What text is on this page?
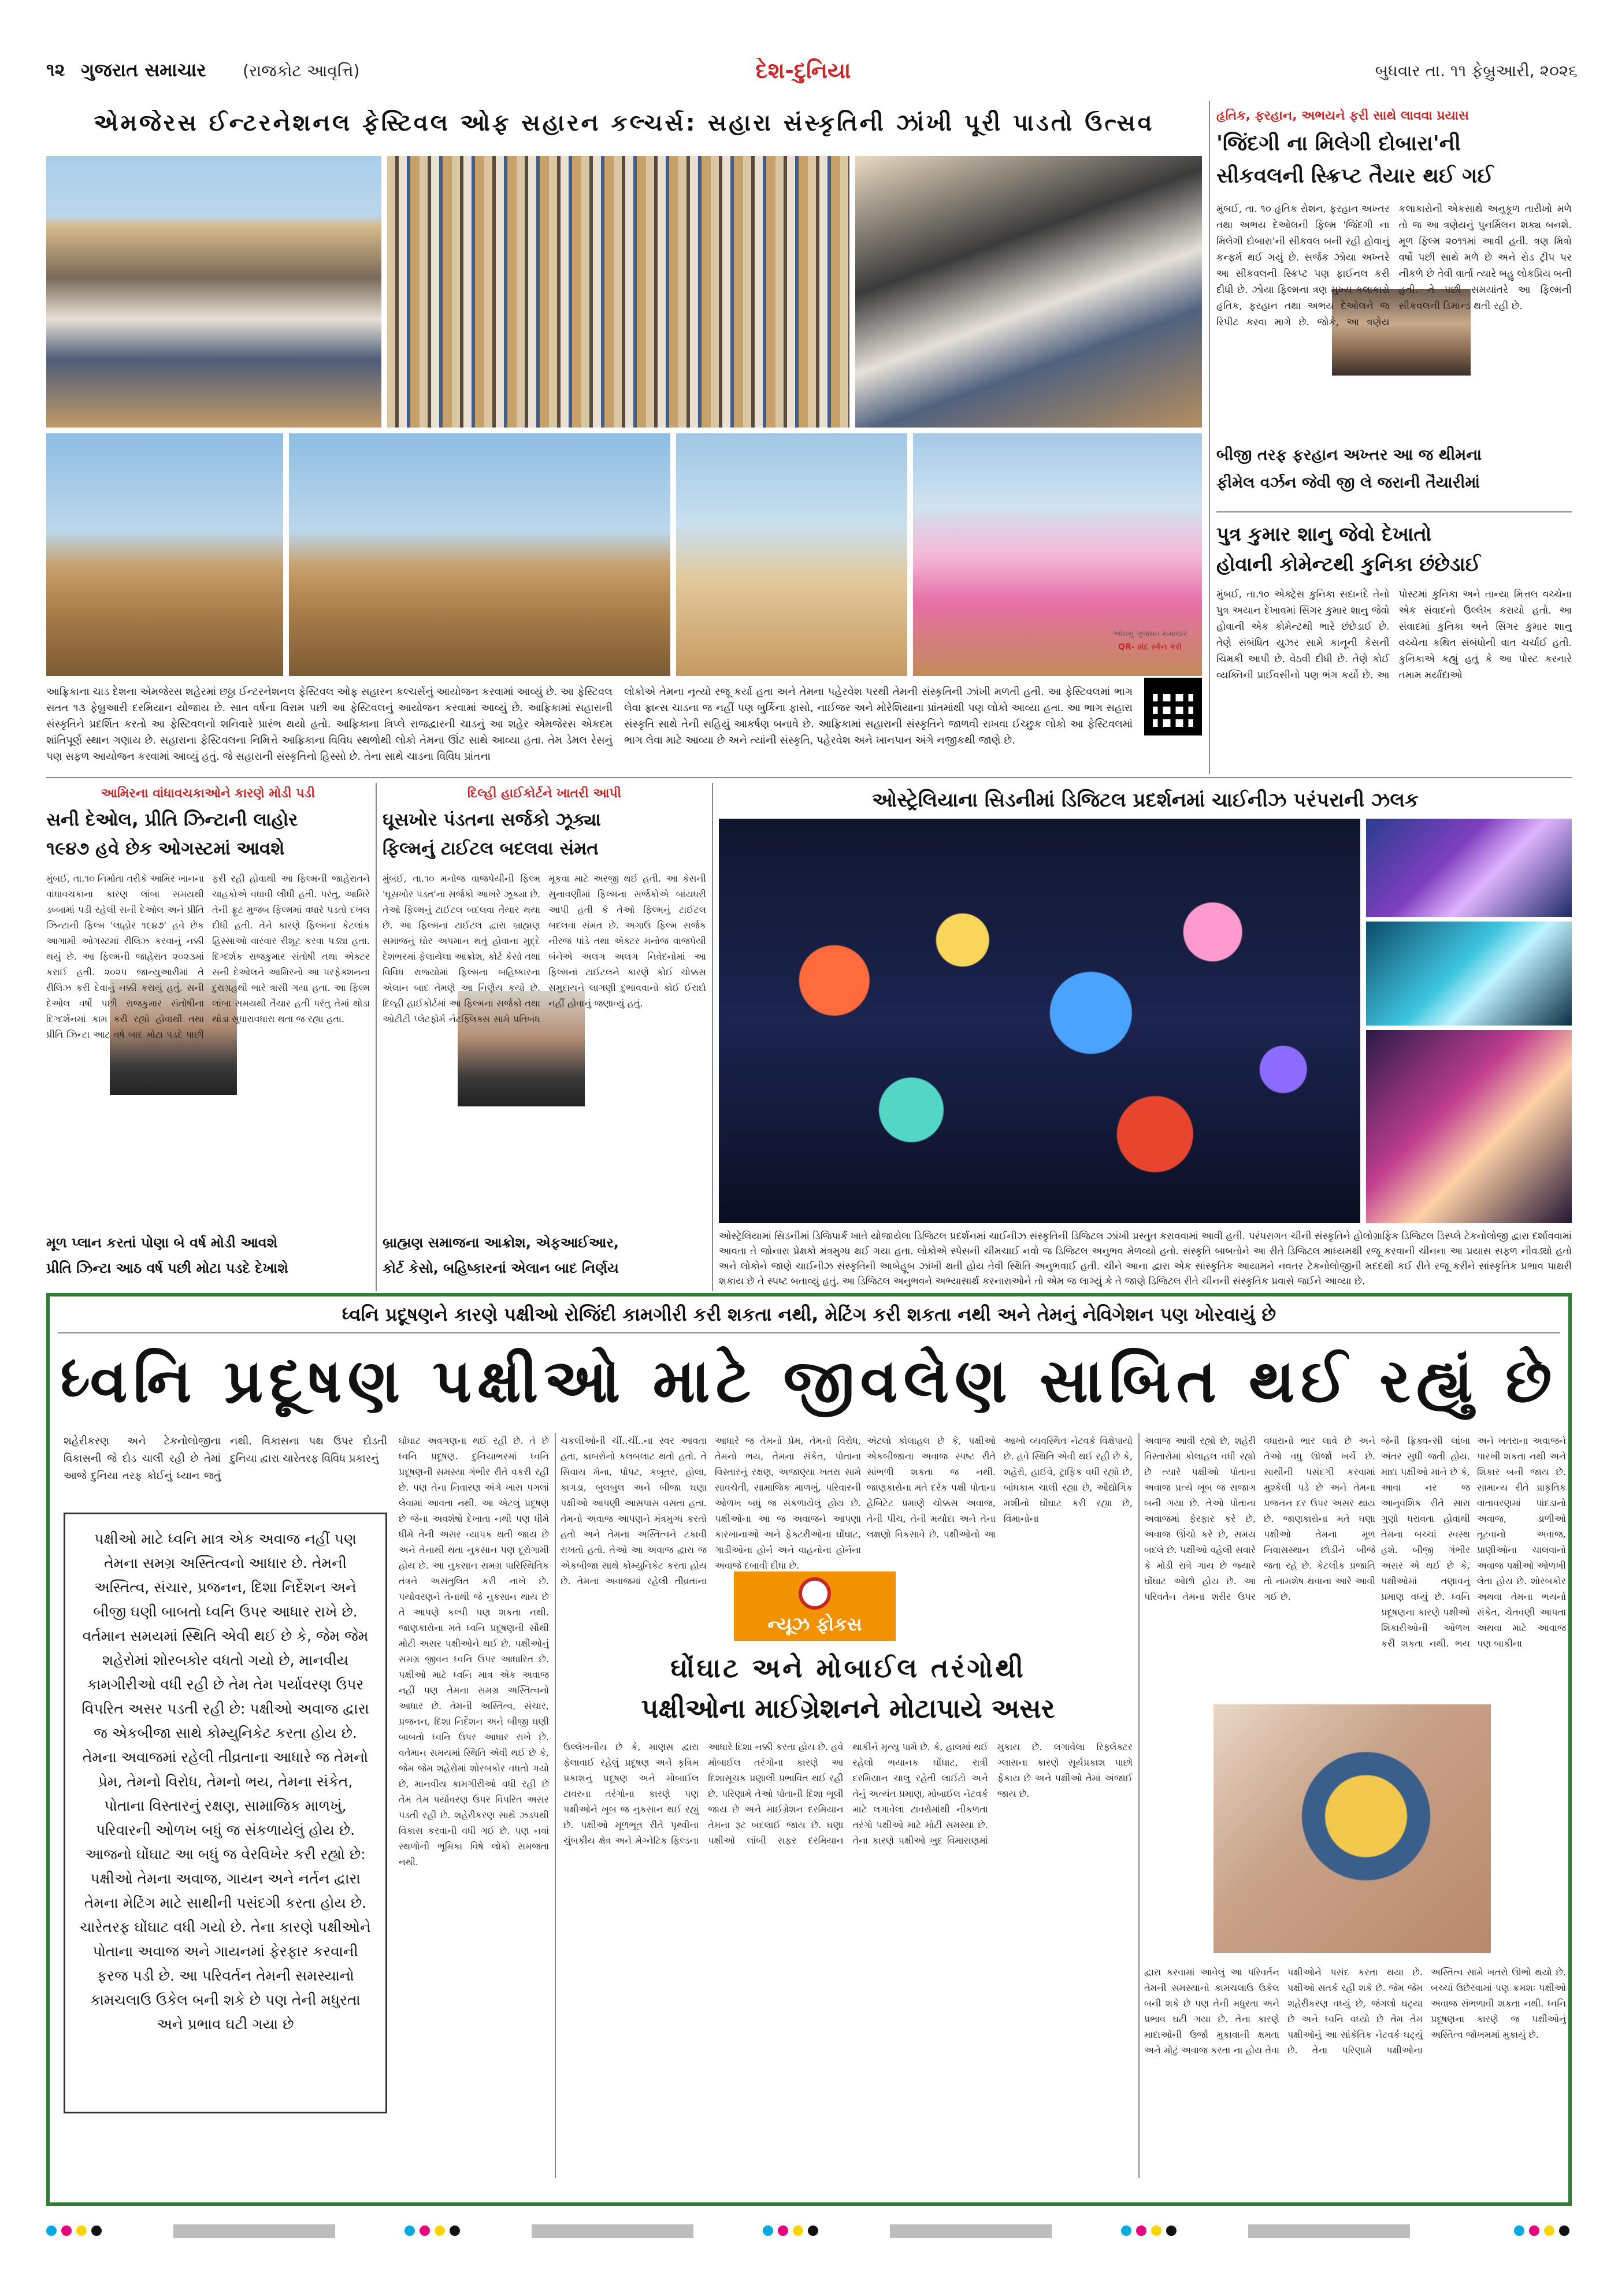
૧૨ ગુજરાત સમાચાર (રાજકોટ આવૃત્તિ)	દેશ-દુનિયા	બુધવાર તા. ૧૧ ફેબ્રુઆરી, ૨૦૨૬
એમજેરસ ઈન્ટરનેશનલ ફેસ્ટિવલ ઓફ સહારન કલ્ચર્સ: સહારા સંસ્કૃતિની ઝાંખી પૂરી પાડતો ઉત્સવ
આફ્રિકાના ચાડ દેશના એમજેરસ શહેરમાં છઠ્ઠા ઈન્ટરનેશનલ ફેસ્ટિવલ ઓફ સહારન કલ્ચર્સનું આયોજન કરવામાં આવ્યું છે. આ ફેસ્ટિવલ સતત ૧૩ ફેબ્રુઆરી દરમિયાન યોજાય છે. સાત વર્ષના વિરામ પછી આ ફેસ્ટિવલનું આયોજન કરવામાં આવ્યું છે. આફ્રિકામાં સહારાની સંસ્કૃતિને પ્રદર્શિત કરતો આ ફેસ્ટિવલનો શનિવારે પ્રારંભ થયો હતો. આફ્રિકાના ત્રિપ્લે રાજદ્વારની ચાડનું આ શહેર એમજેરસ એકદમ શાંતિપૂર્ણ સ્થાન ગણાય છે. સહારાના ફેસ્ટિવલના નિમિત્તે આફ્રિકાના વિવિધ સ્થળોથી લોકો તેમના ઊંટ સાથે આવ્યા હતા. તેમ ડેમલ રેસનું પણ સફળ આયોજન કરવામાં આવ્યું હતું. જે સહારાની સંસ્કૃતિનો હિસ્સો છે. તેના સાથે ચાડના વિવિધ પ્રાંતના
લોકોએ તેમના નૃત્યો રજૂ કર્યા હતા અને તેમના પહેરવેશ પરથી તેમની સંસ્કૃતિની ઝાંખી મળતી હતી. આ ફેસ્ટિવલમાં ભાગ લેવા ફ્રાન્સ ચાડના જ નહીં પણ બુર્કિના ફાસો, નાઈજર અને મોરેશિયાના પ્રાંતમાંથી પણ લોકો આવ્યા હતા. આ ભાગ સહારા સંસ્કૃતિ સાથે તેની સહિયું આકર્ષણ બનાવે છે. આફ્રિકામાં સહારાની સંસ્કૃતિને જાળવી રાખવા ઈચ્છુક લોકો આ ફેસ્ટિવલમાં ભાગ લેવા માટે આવ્યા છે અને ત્યાંની સંસ્કૃતિ, પહેરવેશ અને ખાનપાન અંગે નજીકથી જાણે છે.
હૃતિક, ફરહાન, અભયને ફરી સાથે લાવવા પ્રયાસ
'જિંદગી ના મિલેગી દોબારા'ની
સીકવલની સ્ક્રિપ્ટ તૈયાર થઈ ગઈ
મુંબઈ, તા. ૧૦ હૃતિક રોશન, ફરહાન અખ્તર તથા અભય દેઓલની ફિલ્મ 'જિંદગી ના મિલેગી દોબારા'ની સીકવલ બની રહી હોવાનું કન્ફર્મ થઈ ગયું છે. સર્જક ઝોયા અખ્તરે આ સીકવલની સ્ક્રિપ્ટ પણ ફાઈનલ કરી દીધી છે. ઝોયા ફિલ્મના ત્રણ મુખ્ય કલાકારો હૃતિક, ફરહાન તથા અભય દેઓલને જ રિપીટ કરવા માગે છે. જોકે, આ ત્રણેય કલાકારોની એકસાથે અનુકૂળ તારીખો મળે તો જ આ ત્રણેયનું પુનર્મિલન શક્ય બનશે. મૂળ ફિલ્મ ૨૦૧૧માં આવી હતી. ત્રણ મિત્રો વર્ષો પછી સાથે મળે છે અને રોડ ટ્રીપ પર નીકળે છે તેવી વાર્તા ત્યારે બહુ લોકપ્રિય બની હતી. તે પછી સમયાંતરે આ ફિલ્મની સીકવલની ડિમાન્ડ થતી રહી છે.
બીજી તરફ ફરહાન અખ્તર આ જ થીમના
ફીમેલ વર્ઝન જેવી જી લે જરાની તૈયારીમાં
પુત્ર કુમાર શાનુ જેવો દેખાતો
હોવાની કોમેન્ટથી કુનિકા છંછેડાઈ
મુંબઈ, તા.૧૦ એક્ટ્રેસ કુનિકા સદાનંદે તેનો પુત્ર અયાન દેખાવમાં સિંગર કુમાર શાનુ જેવો હોવાની એક કોમેન્ટથી ભારે છંછેડાઈ છે. તેણે સંબંધિત યુઝર સામે કાનૂની કેસની ચિમકી આપી છે. વેઠવી દીધી છે. તેણે કોઈ વ્યક્તિની પ્રાઈવસીનો પણ ભંગ કર્યો છે. આ પોસ્ટમાં કુનિકા અને તાન્યા મિત્તલ વચ્ચેના એક સંવાદનો ઉલ્લેખ કરાયો હતો. આ સંવાદમાં કુનિકા અને સિંગર કુમાર શાનુ વચ્ચેના કથિત સંબંધોની વાત ચર્ચાઈ હતી. કુનિકાએ કહ્યું હતું કે આ પોસ્ટ કરનારે તમામ મર્યાદાઓ
ઓલસુ ગુજરાત સમાચાર
QR- સંદ સ્કેન કરો
આમિરના વાંધાવચકાઓને કારણે મોડી પડી
સની દેઓલ, પ્રીતિ ઝિન્ટાની લાહોર
૧૯૪૭ હવે છેક ઓગસ્ટમાં આવશે
મુંબઈ, તા.૧૦ નિર્માતા તરીકે આમિર ખાનના વાંધાવચકાના કારણ લાંબા સમયથી ડબ્બામાં પડી રહેલી સની દેઓલ અને પ્રીતિ ઝિન્ટાની ફિલ્મ 'લાહોર ૧૯૪૭' હવે છેક આગામી ઓગસ્ટમાં રીલિઝ કરવાનું નક્કી થયું છે. આ ફિલ્મની જાહેરાત ૨૦૨૩માં કરાઈ હતી. ૨૦૨૫ જાન્યુઆરીમાં તે રીલિઝ કરી દેવાનું નક્કી કરાયું હતું. સની દેઓલ વર્ષો પછી રાજકુમાર સંતોષીના દિગ્દર્શનમાં કામ કરી રહ્યો હોવાથી તથા પ્રીતિ ઝિન્ટા આટ વર્ષ બાદ મોટા પડદે પાછી ફરી રહી હોવાથી આ ફિલ્મની જાહેરાતને ચાહકોએ વધાવી લીધી હતી. પરંતુ, આમિરે તેની ફ્રૂટ મુજબ ફિલ્મમાં વધારે પડતો દખલ દીધી હતી. તેને કારણે ફિલ્મના કેટલાંક હિસ્સાઓ વારંવાર રીશૂટ કરવા પડ્યા હતા. દિગ્દર્શક રાજકુમાર સંતોષી તથા એક્ટર સની દેઓલને આમિરનો આ પરફેક્શનના દુરાગ્રહથી ભારે ત્રાસી ગયા હતા. આ ફિલ્મ લાંબા સમયથી તૈયાર હતી પરંતુ તેમાં થોડા થોડા સુધારાવધારા થતા જ રહ્યા હતા.
મૂળ પ્લાન કરતાં પોણા બે વર્ષ મોડી આવશે
પ્રીતિ ઝિન્ટા આઠ વર્ષ પછી મોટા પડદે દેખાશે
દિલ્હી હાઈકોર્ટને ખાતરી આપી
ઘૂસખોર પંડતના સર્જકો ઝૂક્યા
ફિલ્મનું ટાઈટલ બદલવા સંમત
મુંબઈ, તા.૧૦ મનોજ વાજપેયીની ફિલ્મ 'ઘૂસખોર પંડત'ના સર્જકો આખરે ઝૂક્યા છે. તેઓ ફિલ્મનું ટાઈટલ બદલવા તૈયાર થયા છે. આ ફિલ્મના ટાઈટલ દ્વારા બ્રાહ્મણ સમાજનું ઘોર અપમાન થતું હોવાના મુદ્દે દેશભરમાં ફેલાયેલા આક્રોશ, કોર્ટ કેસો તથા વિવિધ રાજ્યોમાં ફિલ્મના બહિષ્કારના એલાન બાદ તેમણે આ નિર્ણય કર્યો છે. દિલ્હી હાઈકોર્ટમાં આ ફિલ્મના સર્જકો તથા ઓટીટી પ્લેટફોર્મ નેટફ્લિક્સ સામે પ્રતિબંધ મૂકવા માટે અરજી થઈ હતી. આ કેસની સુનાવણીમાં ફિલ્મના સર્જકોએ બાંયધરી આપી હતી કે તેઓ ફિલ્મનું ટાઈટલ બદલવા સંમત છે. અગાઉ ફિલ્મ સર્જક નીરજ પાંડે તથા એક્ટર મનોજ વાજપેયી બંનેએ અલગ અલગ નિવેદનોમાં આ ફિલ્મનાં ટાઈટલને કારણે કોઈ ચોક્કસ સમુદાયને લાગણી દુભાવવાનો કોઈ ઈરાદો નહીં હોવાનું જણાવ્યું હતું.
બ્રાહ્મણ સમાજના આક્રોશ, એફઆઈઆર,
કોર્ટ કેસો, બહિષ્કારનાં એલાન બાદ નિર્ણય
ઓસ્ટ્રેલિયાના સિડનીમાં ડિજિટલ પ્રદર્શનમાં ચાઈનીઝ પરંપરાની ઝલક
ઓસ્ટ્રેલિયામાં સિડનીમાં ડિજિપાર્ક ખાતે યોજાયેલા ડિજિટલ પ્રદર્શનમાં ચાઈનીઝ સંસ્કૃતિની ડિજિટલ ઝાંખી પ્રસ્તુત કરાવવામાં આવી હતી. પરંપરાગત ચીની સંસ્કૃતિને હોલોગ્રાફિક ડિજિટલ ડિસ્પ્લે ટેકનોલોજી દ્વારા દર્શાવવામાં આવતા તે જોનારા પ્રેક્ષકો મંત્રમુગ્ધ થઈ ગયા હતા. લોકોએ સ્પેસની ચીમચાઈ નવો જ ડિજિટલ અનુભવ મેળવ્યો હતો. સંસ્કૃતિ બાબતોને આ રીતે ડિજિટલ માધ્યમથી રજૂ કરવાની ચીનના આ પ્રયાસ સફળ નીવડ્યો હતો અને લોકોને જાણે ચાઈનીઝ સંસ્કૃતિની આબેહૂબ ઝાંખી થતી હોય તેવી સ્થિતિ અનુભવાઈ હતી. ચીને આના દ્વારા એક સાંસ્કૃતિક આયામને નવતર ટેકનોલોજીની મદદથી કઈ રીતે રજૂ કરીને સાંસ્કૃતિક પ્રભાવ પાથરી શકાય છે તે સ્પષ્ટ બતાવ્યું હતું. આ ડિજિટલ અનુભવને અભ્યાસાર્થ કરનારાઓને તો એમ જ લાગ્યું કે તે જાણે ડિજિટલ રીતે ચીનની સંસ્કૃતિક પ્રવાસે જઈને આવ્યા છે.
ધ્વનિ પ્રદૂષણને કારણે પક્ષીઓ રોજિંદી કામગીરી કરી શકતા નથી, મેટિંગ કરી શકતા નથી અને તેમનું નેવિગેશન પણ ખોરવાયું છે
ધ્વનિ પ્રદૂષણ પક્ષીઓ માટે જીવલેણ સાબિત થઈ રહ્યું છે
શહેરીકરણ અને ટેકનોલોજીના વિકાસની જે દોડ ચાલી રહી છે તેમાં આજે દુનિયા તરફ કોઈનું ધ્યાન જતું નથી. વિકાસના પથ ઉપર દોડતી દુનિયા દ્વારા ચારેતરફ વિવિધ પ્રકારનું
પક્ષીઓ માટે ધ્વનિ માત્ર એક અવાજ નહીં પણ તેમના સમગ્ર અસ્તિત્વનો આધાર છે. તેમની અસ્તિત્વ, સંચાર, પ્રજનન, દિશા નિર્દેશન અને બીજી ઘણી બાબતો ધ્વનિ ઉપર આધાર રાખે છે. વર્તમાન સમયમાં સ્થિતિ એવી થઈ છે કે, જેમ જેમ શહેરોમાં શોરબકોર વધતો ગયો છે, માનવીય કામગીરીઓ વધી રહી છે તેમ તેમ પર્યાવરણ ઉપર વિપરિત અસર પડતી રહી છે: પક્ષીઓ અવાજ દ્વારા જ એકબીજા સાથે કોમ્યુનિકેટ કરતા હોય છે. તેમના અવાજમાં રહેલી તીવ્રતાના આધારે જ તેમનો પ્રેમ, તેમનો વિરોધ, તેમનો ભય, તેમના સંકેત, પોતાના વિસ્તારનું રક્ષણ, સામાજિક માળખું, પરિવારની ઓળખ બધું જ સંકળાયેલું હોય છે. આજનો ઘોંઘાટ આ બધું જ વેરવિખેર કરી રહ્યો છે: પક્ષીઓ તેમના અવાજ, ગાયન અને નર્તન દ્વારા તેમના મેટિંગ માટે સાથીની પસંદગી કરતા હોય છે. ચારેતરફ ઘોંઘાટ વધી ગયો છે. તેના કારણે પક્ષીઓને પોતાના અવાજ અને ગાયનમાં ફેરફાર કરવાની ફરજ પડી છે. આ પરિવર્તન તેમની સમસ્યાનો કામચલાઉ ઉકેલ બની શકે છે પણ તેની મધુરતા અને પ્રભાવ ઘટી ગયા છે
ઘોંઘાટ અવગણના થઈ રહી છે. તે છે ધ્વનિ પ્રદૂષણ. દુનિયાભરમાં ધ્વનિ પ્રદૂષણની સમસ્યા ગંભીર રીતે વકરી રહી છે. પણ તેના નિવારણ અંગે ખાસ પગલાં લેવામાં આવતા નથી. આ એટલું પ્રદૂષણ છે જેના અવશેષો દેખાતા નથી પણ ધીમે ધીમે તેની અસર વ્યાપક થતી જાય છે અને તેનાથી થતા નુકસાન પણ દૂરોગામી હોય છે. આ નુકસાન સમગ્ર પારિસ્થિતિક તંત્રને અસંતુલિત કરી નાખે છે. પર્યાવરણને તેનાથી જે નુકસાન થાય છે તે આપણે કલ્પી પણ શકતા નથી. જાણકારોના મતે ધ્વનિ પ્રદૂષણની સૌથી મોટી અસર પક્ષીઓને થઈ છે. પક્ષીઓનું સમગ્ર જીવન ધ્વનિ ઉપર આધારિત છે. પક્ષીઓ માટે ધ્વનિ માત્ર એક અવાજ નહીં પણ તેમના સમગ્ર અસ્તિત્વનો આધાર છે. તેમની અસ્તિત્વ, સંચાર, પ્રજનન, દિશા નિર્દેશન અને બીજી ઘણી બાબતો ધ્વનિ ઉપર આધાર રાખે છે. વર્તમાન સમયમાં સ્થિતિ એવી થઈ છે કે, જેમ જેમ શહેરોમાં શોરબકોર વધતો ગયો છે, માનવીય કામગીરીઓ વધી રહી છે તેમ તેમ પર્યાવરણ ઉપર વિપરિત અસર પડતી રહી છે. શહેરીકરણ સાથે ઝડપથી વિકાસ કરવાની વધી ગઈ છે. પણ નવાં સ્થળોની ભૂમિકા વિષે લોકો સમજતા નથી.
ચકલીઓની ચીં..ચીં..ના સ્વર આવતા હતા, કાબરોનો કલબલાટ થતો હતો. તે સિવાય મેના, પોપટ, કબૂતર, હોલા, કાગડા, બુલબુલ અને બીજા ઘણા પક્ષીઓ આપણી આસપાસ વસતા હતા. તેમનો અવાજ આપણને મંત્રમુગ્ધ કરતો હતો અને તેમના અસ્તિત્વને ટકાવી રાખતો હતો. તેઓ આ અવાજ દ્વારા જ એકબીજા સાથે કોમ્યુનિકેટ કરતા હોય છે. તેમના અવાજમાં રહેલી તીવ્રતાના આધારે જ તેમનો પ્રેમ, તેમનો વિરોધ, તેમનો ભય, તેમના સંકેત, પોતાના વિસ્તારનું રક્ષણ, અજાણ્યા ખતરા સામે સાવચેતી, સામાજિક માળખું, પરિવારની ઓળખ બધું જ સંકળાયેલું હોય છે. પક્ષીઓના આ જ અવાજને આપણા કારખાનાઓ અને ફેક્ટરીઓના ઘોંઘાટ, ગાડીઓના હોર્ન અને વાહનોના હોર્નના અવાજે દબાવી દીધા છે.
એટલો કોલાહલ છે કે, પક્ષીઓ એકબીજાના અવાજ સ્પષ્ટ રીતે સાંભળી શકતા જ નથી. જાણકારોના મતે દરેક પક્ષી પોતાના હેબિટેટ પ્રમાણે ચોક્કસ અવાજ, તેની પીચ, તેની મર્યાદા અને તેના લક્ષણો વિકસાવે છે. પક્ષીઓનો આ આખો વ્યવસ્થિત નેટવર્ક વિક્ષેપાયો છે. હવે સ્થિતિ એવી થઈ રહી છે કે, શહેરો, હાઈવે, ટ્રાફિક વધી રહ્યો છે, બાંધકામ ચાલી રહ્યા છે, ઔદ્યોગિક મશીનો ઘોંઘાટ કરી રહ્યા છે, વિમાનોના
ન્યૂઝ ફોકસ
ઘોંઘાટ અને મોબાઈલ તરંગોથી
પક્ષીઓના માઈગ્રેશનને મોટાપાયે અસર
ઉલ્લેખનીય છે કે, માણસ દ્વારા ફેલાવાઈ રહેલું પ્રદૂષણ અને કૃત્રિમ પ્રકાશનું પ્રદૂષણ અને મોબાઈલ ટાવરના તરંગોના કારણે પણ પક્ષીઓને ખૂબ જ નુકસાન થઈ રહ્યું છે. પક્ષીઓ મૂળભૂત રીતે પૃથ્વીના ચુંબકીય ક્ષેત્ર અને મેગ્નેટિક ફિલ્ડના આધારે દિશા નક્કી કરતા હોય છે. હવે મોબાઈલ તરંગોના કારણે આ દિશાસૂચક પ્રણાલી પ્રભાવિત થઈ રહી છે. પરિણામે તેઓ પોતાની દિશા ભૂલી જાય છે અને માઈગ્રેશન દરમિયાન તેમના રૂટ બદલાઈ જાય છે. ઘણા પક્ષીઓ લાંબી સફર દરમિયાન થાકીને મૃત્યુ પામે છે. કે, હાલમાં થઈ રહેલો ભયાનક ઘોંઘાટ, રાત્રી દરમિયાન ચાલુ રહેતી લાઈટો અને તેનું અત્યંત પ્રમાણ, મોબાઈલ નેટવર્ક માટે લગાવેલા ટાવરોમાંથી નીકળતા તરંગો પક્ષીઓ માટે મોટી સમસ્યા છે. તેના કારણે પક્ષીઓ ખુદ વિમાસણમાં મુકાય છે. લગાવેલા રિફ્લેક્ટર ગ્લાસના કારણે સૂર્યપ્રકાશ પાછો ફેંકાય છે અને પક્ષીઓ તેમાં અંજાઈ જાય છે.
અવાજ આવી રહ્યો છે, શહેરી વિસ્તારોમાં કોલાહલ વધી રહ્યો છે ત્યારે પક્ષીઓ પોતાના અવાજ પ્રત્યે ખૂબ જ સજાગ બની ગયા છે. તેઓ પોતાના અવાજમાં ફેરફાર કરે છે, અવાજ ઊંચો કરે છે, સમય બદલે છે. પક્ષીઓ વહેલી સવારે કે મોડી રાત્રે ગાય છે જ્યારે ઘોંઘાટ ઓછો હોય છે. આ પરિવર્તન તેમના શરીર ઉપર વધારાનો ભાર લાવે છે અને તેઓ વધુ ઊર્જા ખર્ચે છે. સાથીની પસંદગી કરવામાં મુશ્કેલી પડે છે અને તેમના પ્રજનન દર ઉપર અસર થાય છે. જાણકારોના મતે ઘણા પક્ષીઓ તેમના મૂળ નિવાસસ્થાન છોડીને બીજે જતા રહે છે. કેટલીક પ્રજાતિ તો નામશેષ થવાના આરે આવી ગઈ છે.
જેની ફ્રિક્વન્સી લાંબા અંતર સુધી જતી હોય. માદા પક્ષીઓ માને છે કે, આવા નર જ આનુવંશિક રીતે સારા ગુણો ધરાવતા હોવાથી તેમના બચ્ચાં સ્વસ્થ હશે. બીજી ગંભીર અસર એ થઈ છે કે, પક્ષીઓમાં તણાવનું પ્રમાણ વધ્યું છે. ધ્વનિ પ્રદૂષણના કારણે પક્ષીઓ શિકારીઓની ઓળખ કરી શકતા નથી. ભય અને ખતરાના અવાજને પારખી શકતા નથી અને શિકાર બની જાય છે. સામાન્ય રીતે પ્રાકૃતિક વાતાવરણમાં પાંદડાનો અવાજ, ડાળીઓ તૂટવાનો અવાજ, પ્રાણીઓના ચાલવાનો અવાજ પક્ષીઓ ઓળખી લેતા હોય છે. શોરબકોર અથવા તેમના ભયનો સંકેત, ચેતવણી આપતા અથવા માટે આવાજ પણ બાકીના
દ્વારા કરવામાં આવેલું આ પરિવર્તન તેમની સમસ્યાનો કામચલાઉ ઉકેલ બની શકે છે પણ તેની મધુરતા અને પ્રભાવ ઘટી ગયા છે. તેના કારણે માદાઓની ઉર્જા મુકાવાની ક્ષમતા અને મોટું અવાજ કરતા ના હોય તેવા પક્ષીઓને પસંદ કરતા થયા છે. પક્ષીઓ સતર્ક રહી શકે છે. જેમ જેમ શહેરીકરણ વધ્યું છે, જંગલો ઘટ્યા છે અને ધ્વનિ વધ્યો છે તેમ તેમ પક્ષીઓનું આ સાંકેતિક નેટવર્ક ઘટ્યું છે. તેના પરિણામે પક્ષીઓના અસ્તિત્વ સામે ખતરો ઊભો થયો છે. બચ્ચાં ઉછેરવામાં પણ ક્રમશઃ પક્ષીઓ અવાજ સંભળાવી શકતા નથી. ધ્વનિ પ્રદૂષણના કારણે જ પક્ષીઓનું અસ્તિત્વ જોખમમાં મુકાયું છે.
